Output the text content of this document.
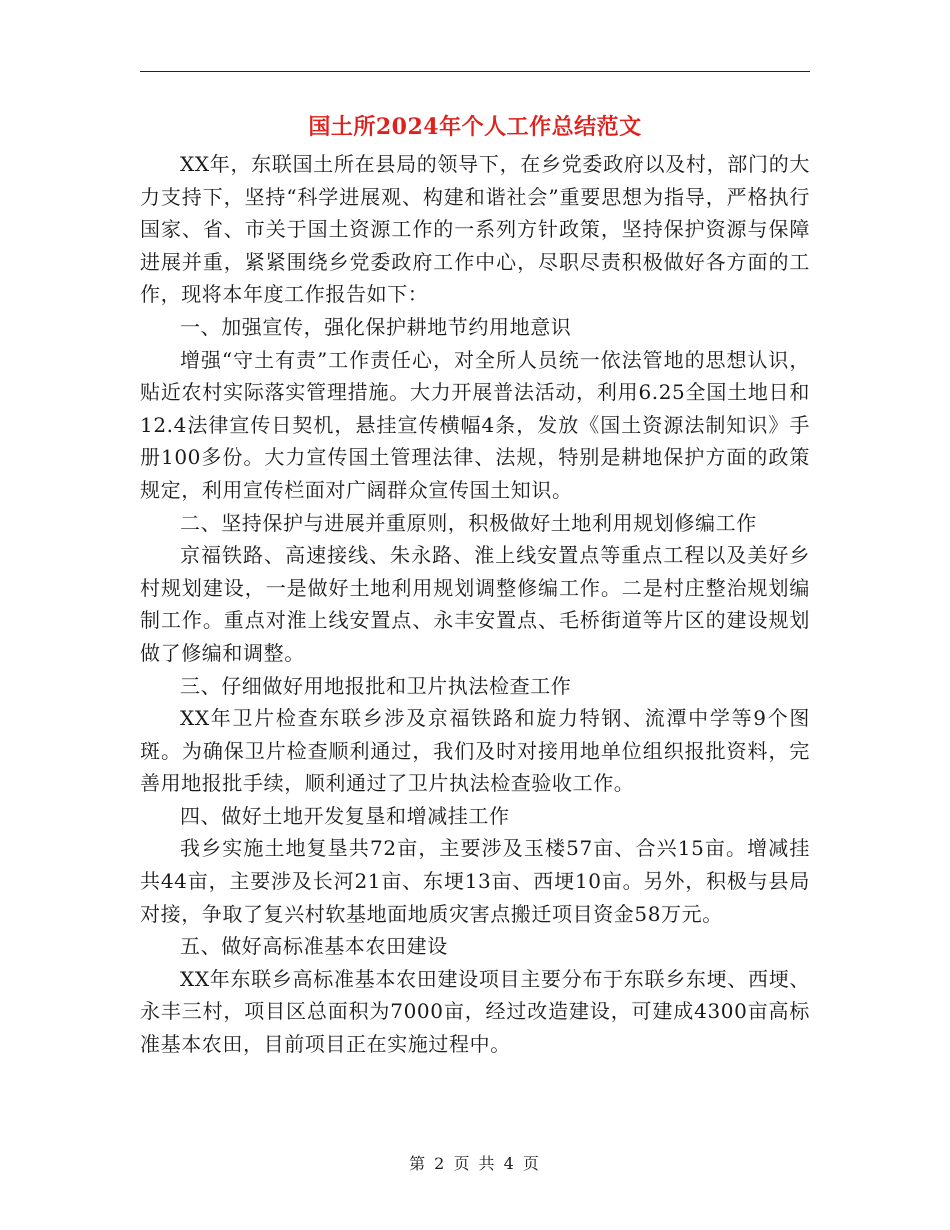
国土所2024年个人工作总结范文

XX年，东联国土所在县局的领导下，在乡党委政府以及村，部门的大力支持下，坚持“科学进展观、构建和谐社会”重要思想为指导，严格执行国家、省、市关于国土资源工作的一系列方针政策，坚持保护资源与保障进展并重，紧紧围绕乡党委政府工作中心，尽职尽责积极做好各方面的工作，现将本年度工作报告如下：

一、加强宣传，强化保护耕地节约用地意识

增强“守土有责”工作责任心，对全所人员统一依法管地的思想认识，贴近农村实际落实管理措施。大力开展普法活动，利用6.25全国土地日和12.4法律宣传日契机，悬挂宣传横幅4条，发放《国土资源法制知识》手册100多份。大力宣传国土管理法律、法规，特别是耕地保护方面的政策规定，利用宣传栏面对广阔群众宣传国土知识。

二、坚持保护与进展并重原则，积极做好土地利用规划修编工作

京福铁路、高速接线、朱永路、淮上线安置点等重点工程以及美好乡村规划建设，一是做好土地利用规划调整修编工作。二是村庄整治规划编制工作。重点对淮上线安置点、永丰安置点、毛桥街道等片区的建设规划做了修编和调整。

三、仔细做好用地报批和卫片执法检查工作

XX年卫片检查东联乡涉及京福铁路和旋力特钢、流潭中学等9个图斑。为确保卫片检查顺利通过，我们及时对接用地单位组织报批资料，完善用地报批手续，顺利通过了卫片执法检查验收工作。

四、做好土地开发复垦和增减挂工作

我乡实施土地复垦共72亩，主要涉及玉楼57亩、合兴15亩。增减挂共44亩，主要涉及长河21亩、东埂13亩、西埂10亩。另外，积极与县局对接，争取了复兴村软基地面地质灾害点搬迁项目资金58万元。

五、做好高标准基本农田建设

XX年东联乡高标准基本农田建设项目主要分布于东联乡东埂、西埂、永丰三村，项目区总面积为7000亩，经过改造建设，可建成4300亩高标准基本农田，目前项目正在实施过程中。

第 2 页 共 4 页
